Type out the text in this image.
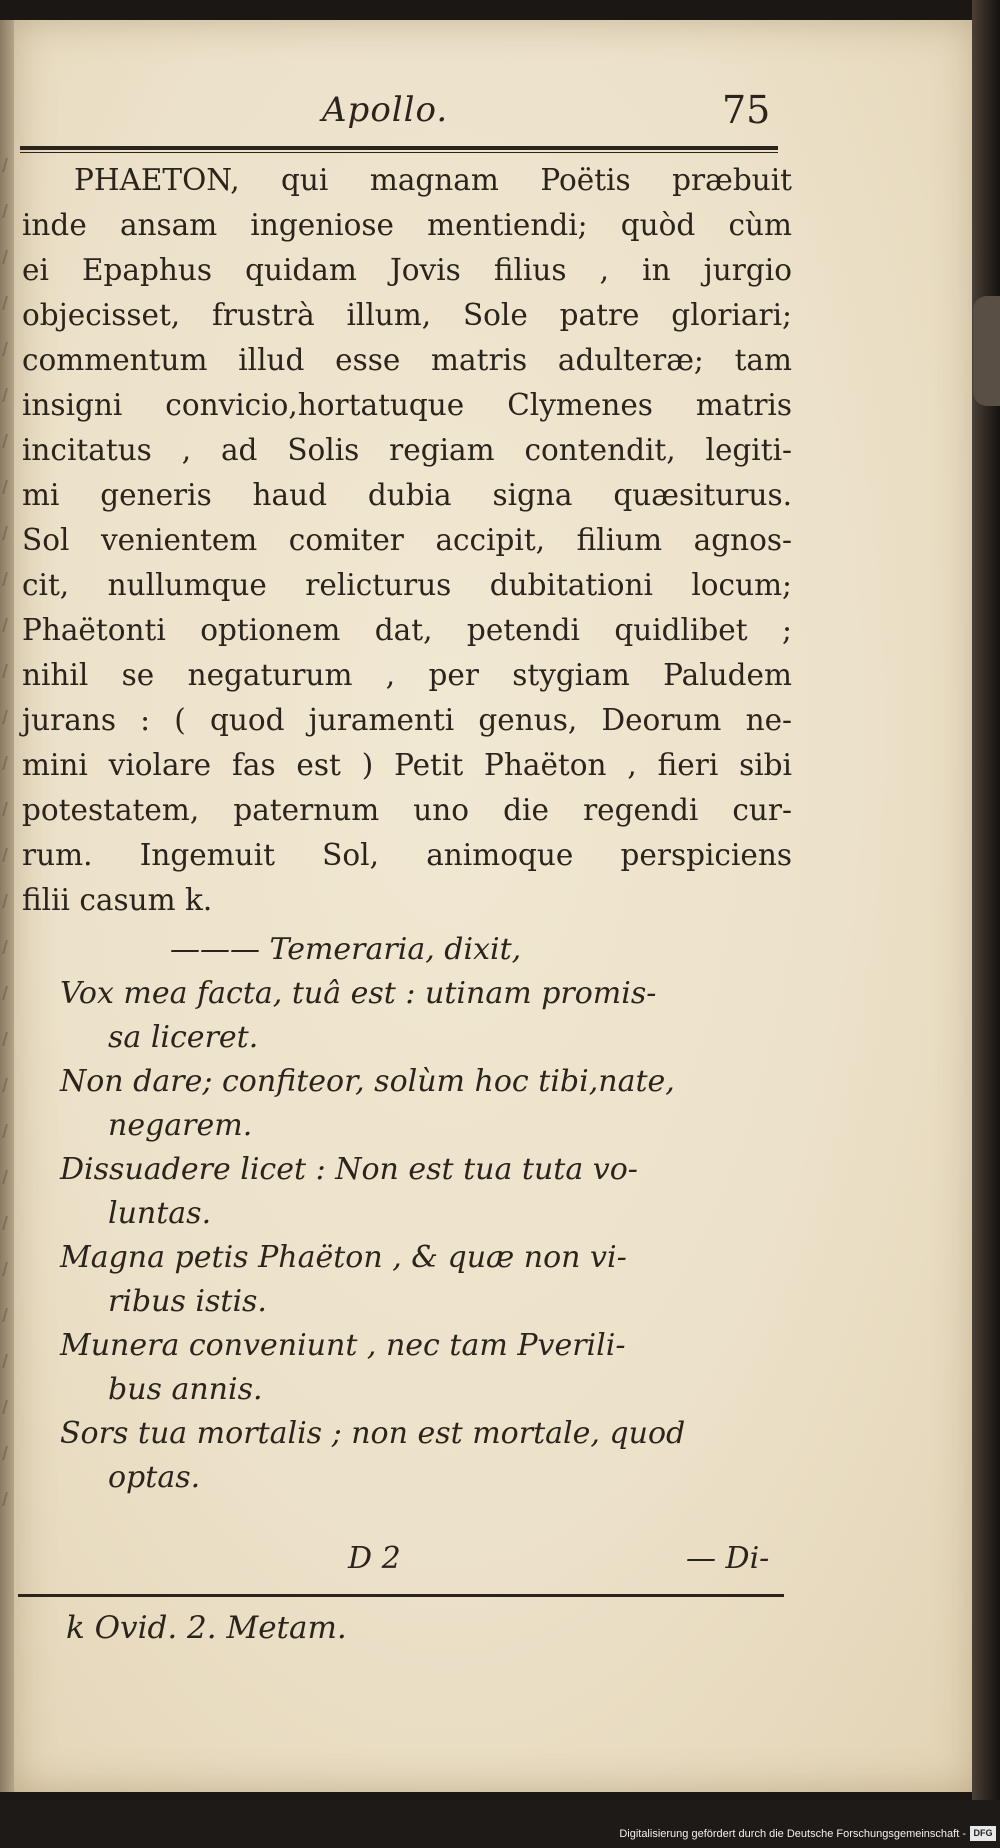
Apollo.	75
PHAETON, qui magnam Poëtis præbuit
inde ansam ingeniose mentiendi; quòd cùm
ei Epaphus quidam Jovis filius , in jurgio
objecisset, frustrà illum, Sole patre gloriari;
commentum illud esse matris adulteræ; tam
insigni convicio,hortatuque Clymenes matris
incitatus , ad Solis regiam contendit, legiti-
mi generis haud dubia signa quæsiturus.
Sol venientem comiter accipit, filium agnos-
cit, nullumque relicturus dubitationi locum;
Phaëtonti optionem dat, petendi quidlibet ;
nihil se negaturum , per stygiam Paludem
jurans : ( quod juramenti genus, Deorum ne-
mini violare fas est ) Petit Phaëton , fieri sibi
potestatem, paternum uno die regendi cur-
rum. Ingemuit Sol, animoque perspiciens
filii casum k.
——— Temeraria, dixit,
Vox mea facta, tuâ est : utinam promis-
sa liceret.
Non dare; confiteor, solùm hoc tibi,nate,
negarem.
Dissuadere licet : Non est tua tuta vo-
luntas.
Magna petis Phaëton , & quæ non vi-
ribus istis.
Munera conveniunt , nec tam Pverili-
bus annis.
Sors tua mortalis ; non est mortale, quod
optas.
D 2	— Di-
k Ovid. 2. Metam.
Digitalisierung gefördert durch die Deutsche Forschungsgemeinschaft - DFG
